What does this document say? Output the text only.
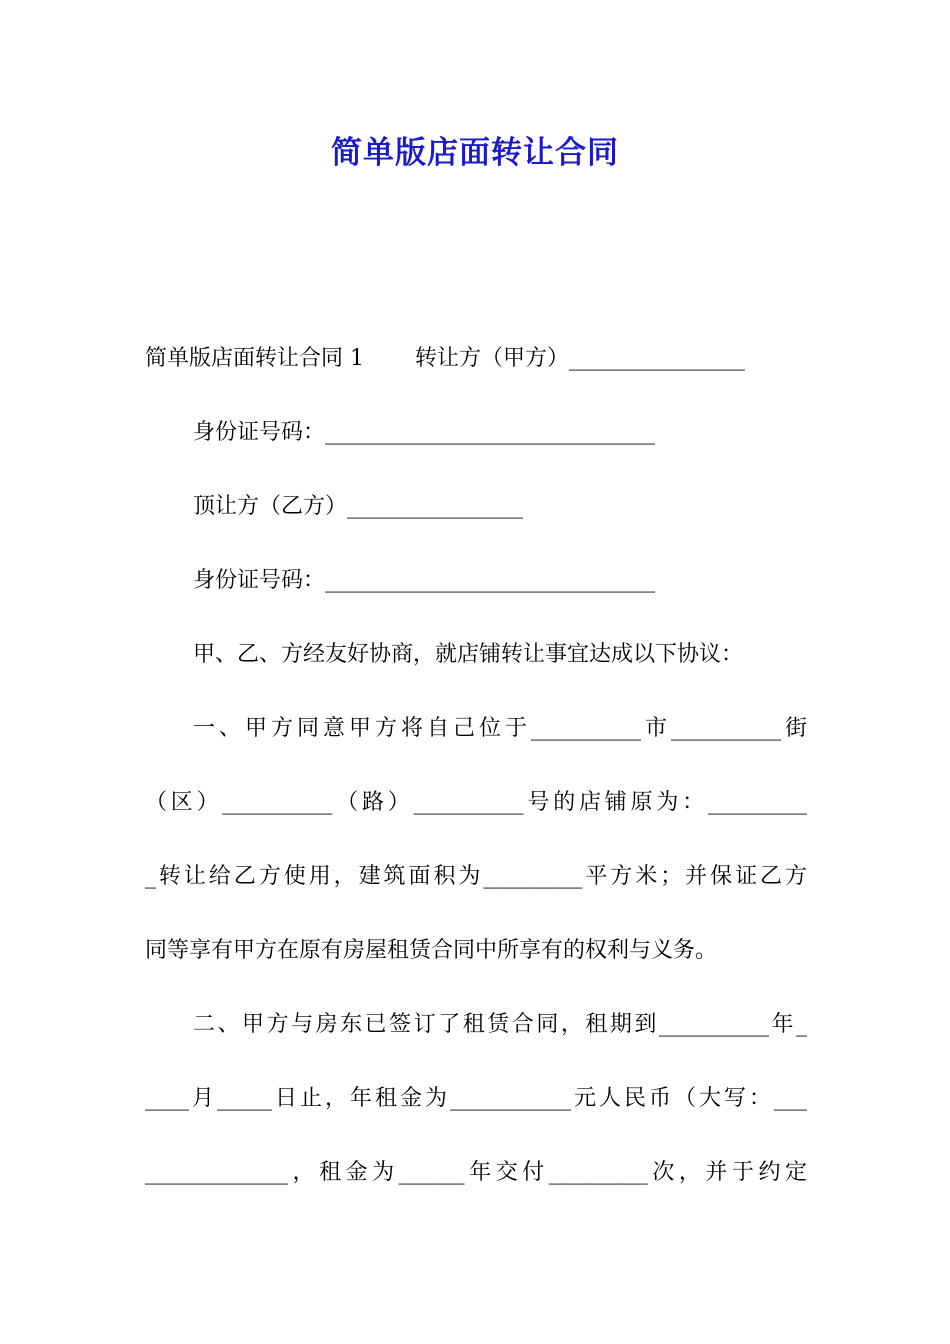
简单版店面转让合同
简单版店面转让合同 1　　 转让方（甲方）________________
身份证号码：______________________________
顶让方（乙方）________________
身份证号码：______________________________
甲、乙、方经友好协商，就店铺转让事宜达成以下协议：
一、甲方同意甲方将自己位于__________市__________街
（区）__________（路）__________号的店铺原为：_________
_转让给乙方使用，建筑面积为_________平方米；并保证乙方
同等享有甲方在原有房屋租赁合同中所享有的权利与义务。
二、甲方与房东已签订了租赁合同，租期到__________年_
____月_____日止，年租金为___________元人民币（大写：___
_____________，租金为______年交付_________次，并于约定
